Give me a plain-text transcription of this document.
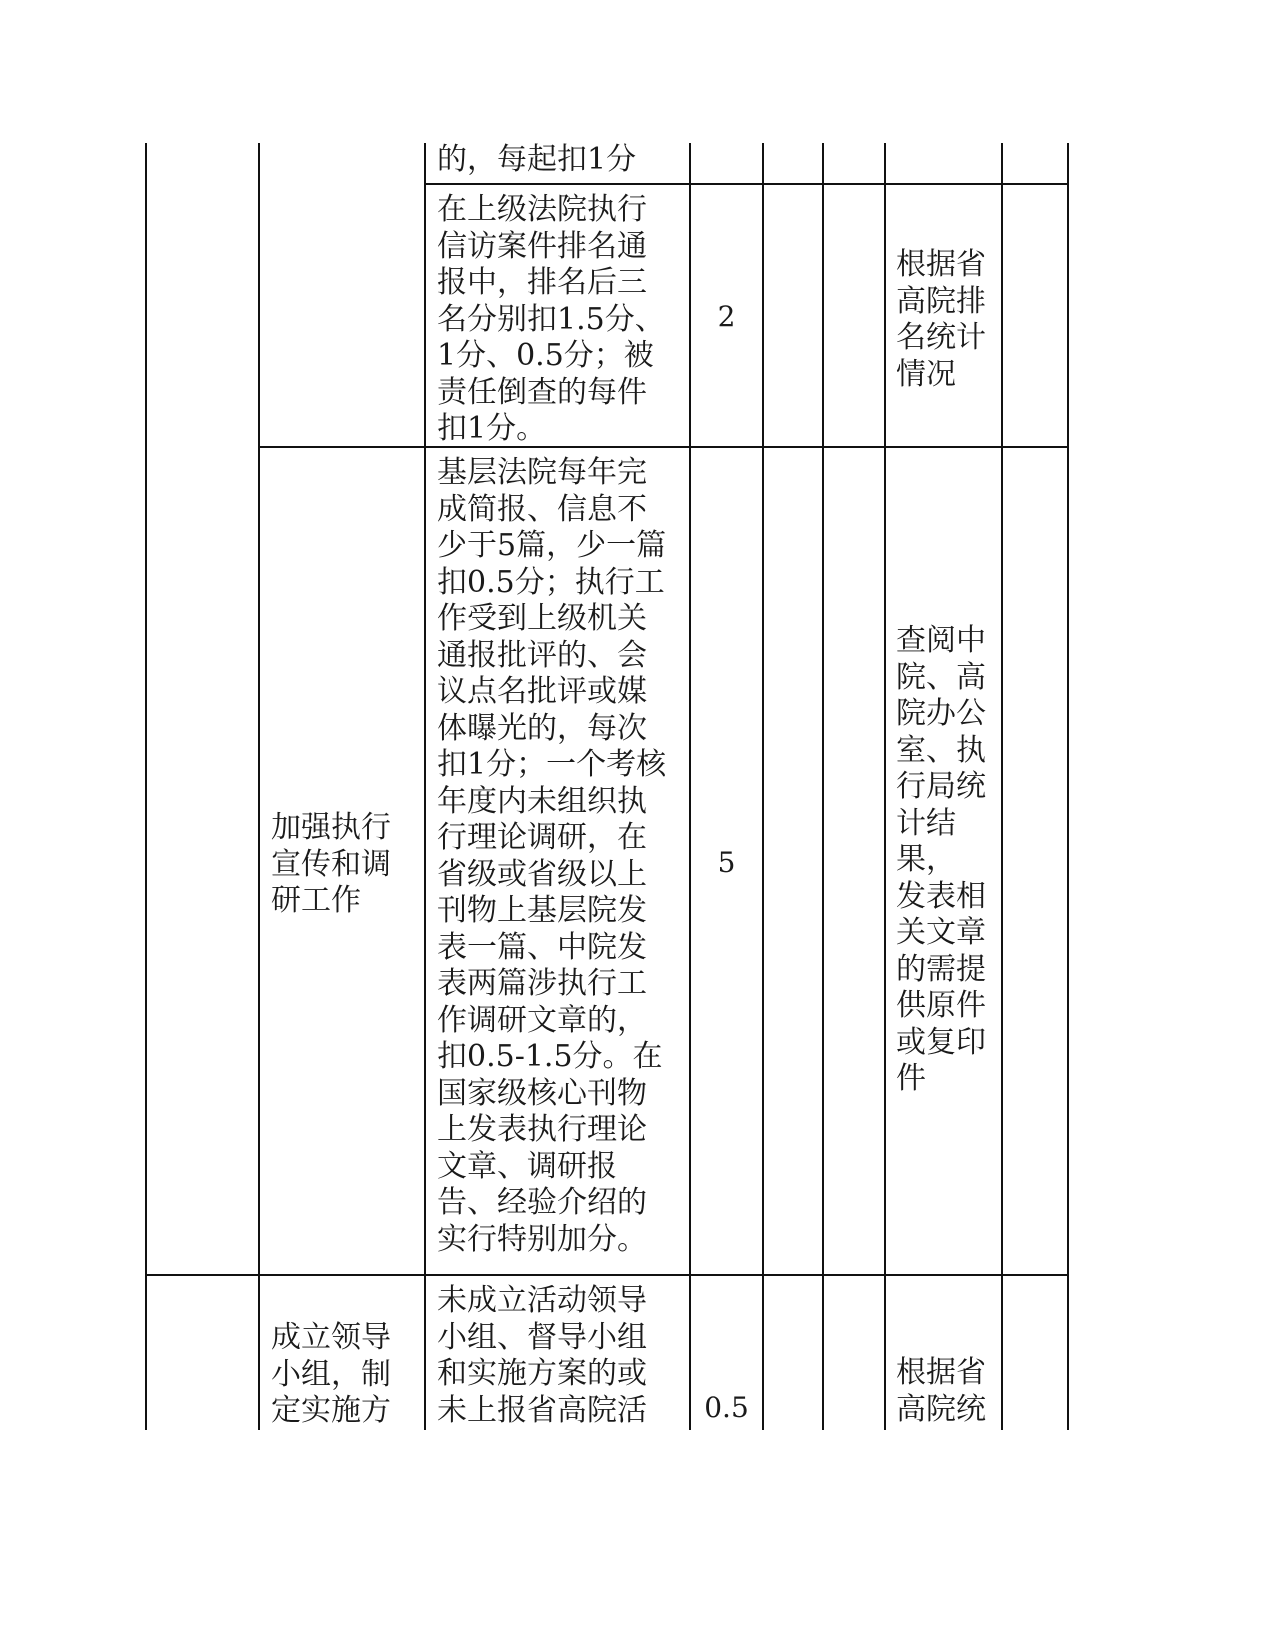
的，每起扣1分
在上级法院执行
信访案件排名通
报中，排名后三
名分别扣1.5分、
1分、0.5分；被
责任倒查的每件
扣1分。
2
根据省
高院排
名统计
情况
加强执行
宣传和调
研工作
基层法院每年完
成简报、信息不
少于5篇，少一篇
扣0.5分；执行工
作受到上级机关
通报批评的、会
议点名批评或媒
体曝光的，每次
扣1分；一个考核
年度内未组织执
行理论调研，在
省级或省级以上
刊物上基层院发
表一篇、中院发
表两篇涉执行工
作调研文章的，
扣0.5-1.5分。在
国家级核心刊物
上发表执行理论
文章、调研报
告、经验介绍的
实行特别加分。
5
查阅中
院、高
院办公
室、执
行局统
计结
果，
发表相
关文章
的需提
供原件
或复印
件
成立领导
小组，制
定实施方
未成立活动领导
小组、督导小组
和实施方案的或
未上报省高院活	0.5
根据省
高院统
